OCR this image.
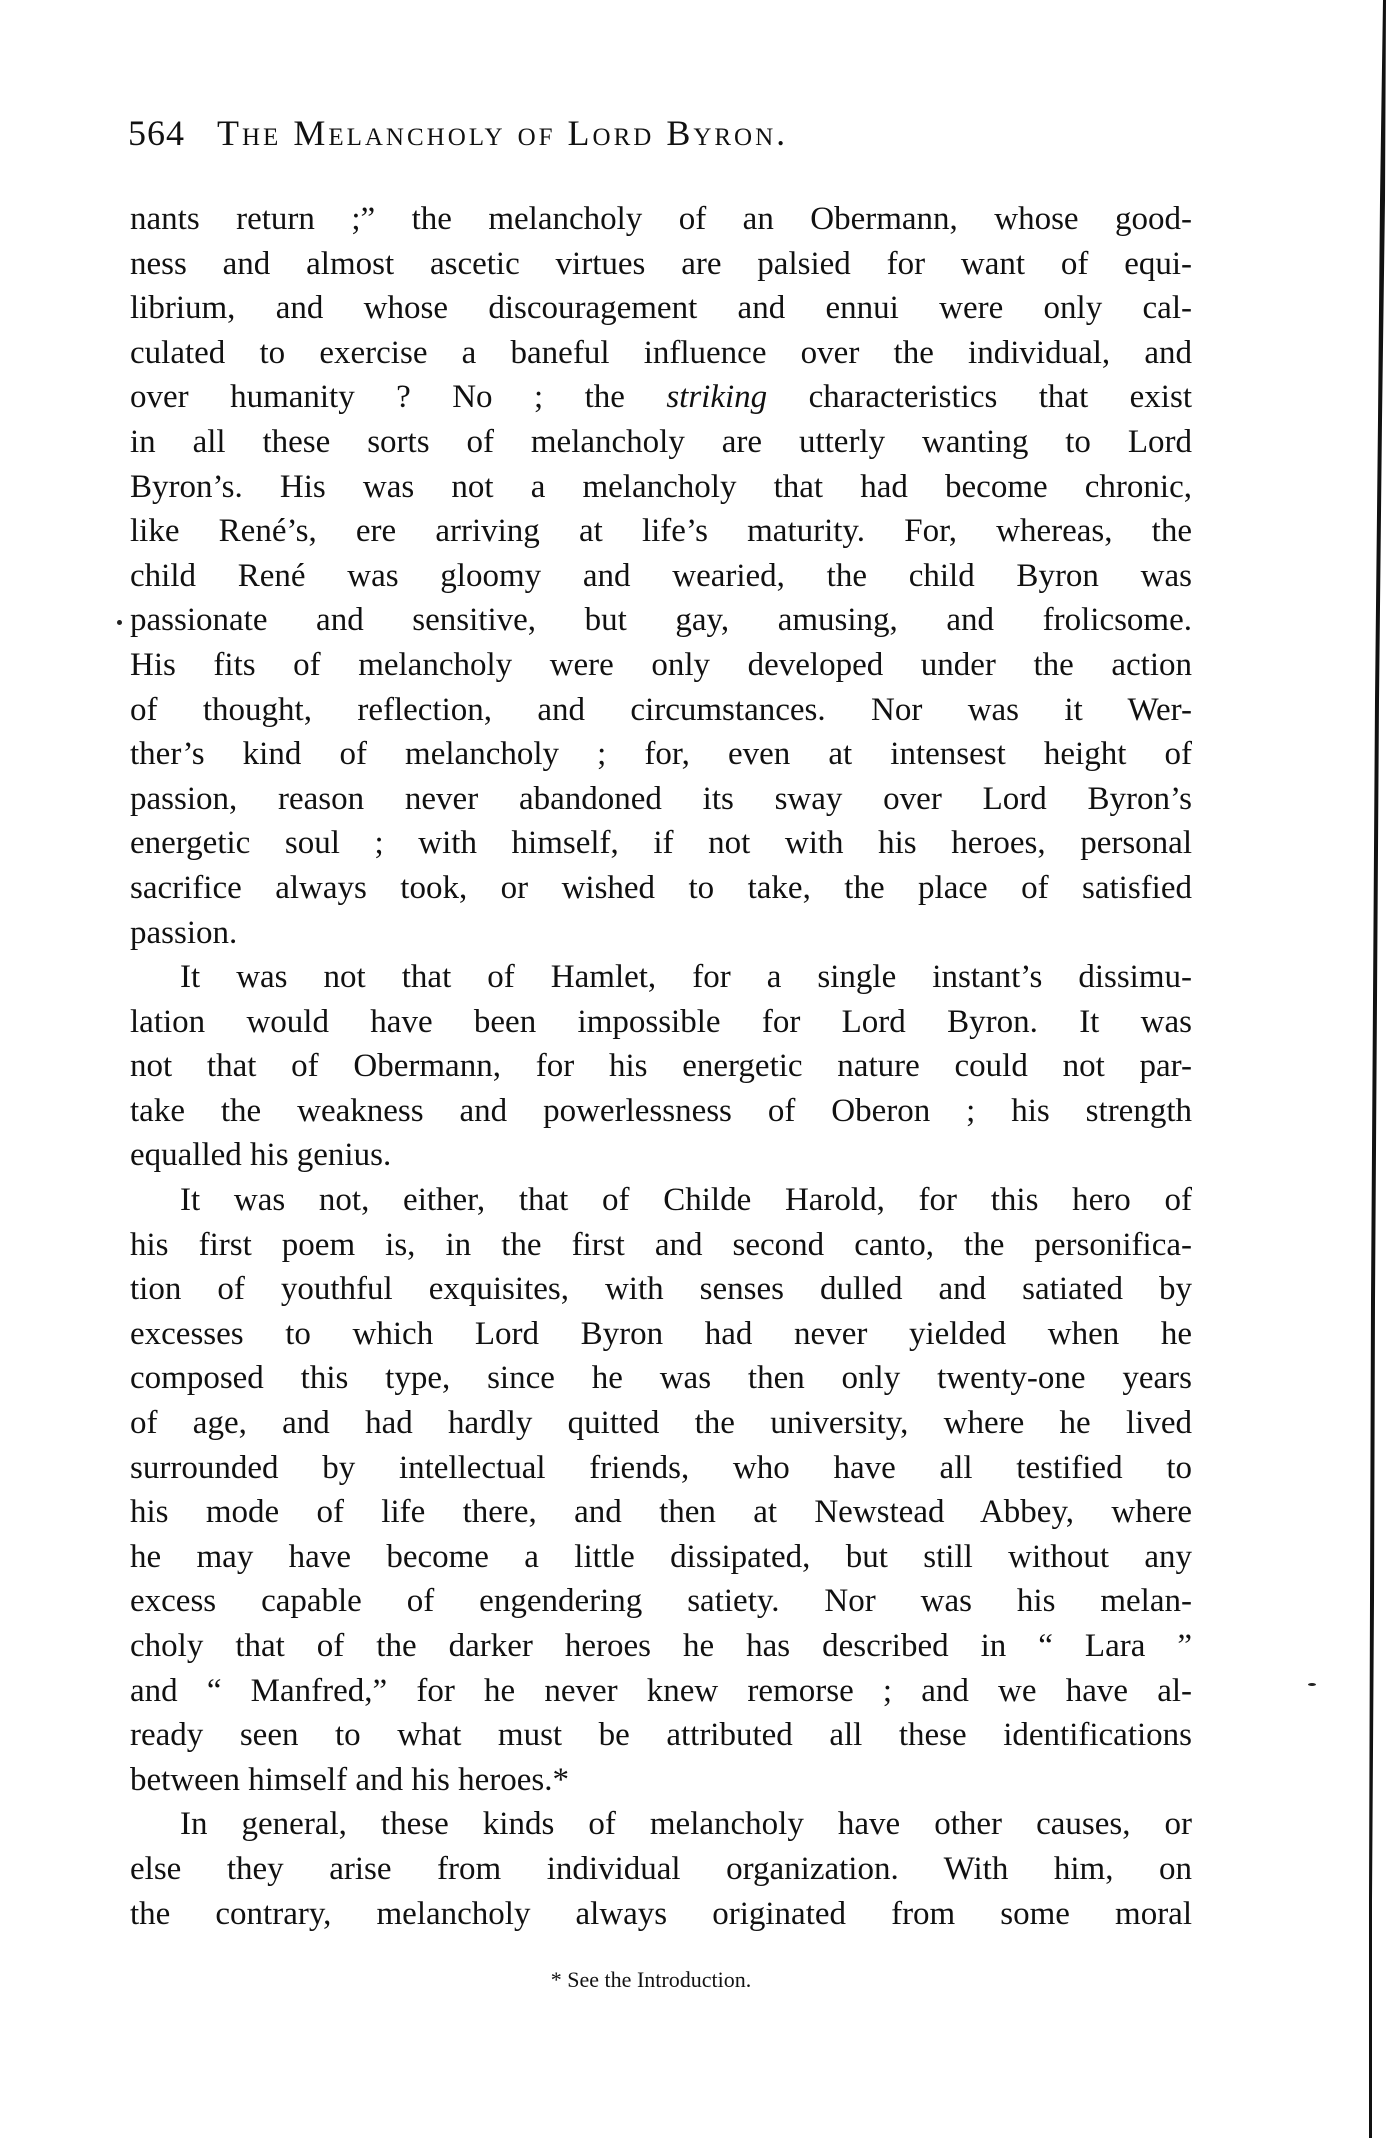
564 The Melancholy of Lord Byron.
nants return ;” the melancholy of an Obermann, whose good-
ness and almost ascetic virtues are palsied for want of equi-
librium, and whose discouragement and ennui were only cal-
culated to exercise a baneful influence over the individual, and
over humanity ? No ; the striking characteristics that exist
in all these sorts of melancholy are utterly wanting to Lord
Byron’s. His was not a melancholy that had become chronic,
like René’s, ere arriving at life’s maturity. For, whereas, the
child René was gloomy and wearied, the child Byron was
passionate and sensitive, but gay, amusing, and frolicsome.
His fits of melancholy were only developed under the action
of thought, reflection, and circumstances. Nor was it Wer-
ther’s kind of melancholy ; for, even at intensest height of
passion, reason never abandoned its sway over Lord Byron’s
energetic soul ; with himself, if not with his heroes, personal
sacrifice always took, or wished to take, the place of satisfied
passion.
It was not that of Hamlet, for a single instant’s dissimu-
lation would have been impossible for Lord Byron. It was
not that of Obermann, for his energetic nature could not par-
take the weakness and powerlessness of Oberon ; his strength
equalled his genius.
It was not, either, that of Childe Harold, for this hero of
his first poem is, in the first and second canto, the personifica-
tion of youthful exquisites, with senses dulled and satiated by
excesses to which Lord Byron had never yielded when he
composed this type, since he was then only twenty-one years
of age, and had hardly quitted the university, where he lived
surrounded by intellectual friends, who have all testified to
his mode of life there, and then at Newstead Abbey, where
he may have become a little dissipated, but still without any
excess capable of engendering satiety. Nor was his melan-
choly that of the darker heroes he has described in “ Lara ”
and “ Manfred,” for he never knew remorse ; and we have al-
ready seen to what must be attributed all these identifications
between himself and his heroes.*
In general, these kinds of melancholy have other causes, or
else they arise from individual organization. With him, on
the contrary, melancholy always originated from some moral
* See the Introduction.
